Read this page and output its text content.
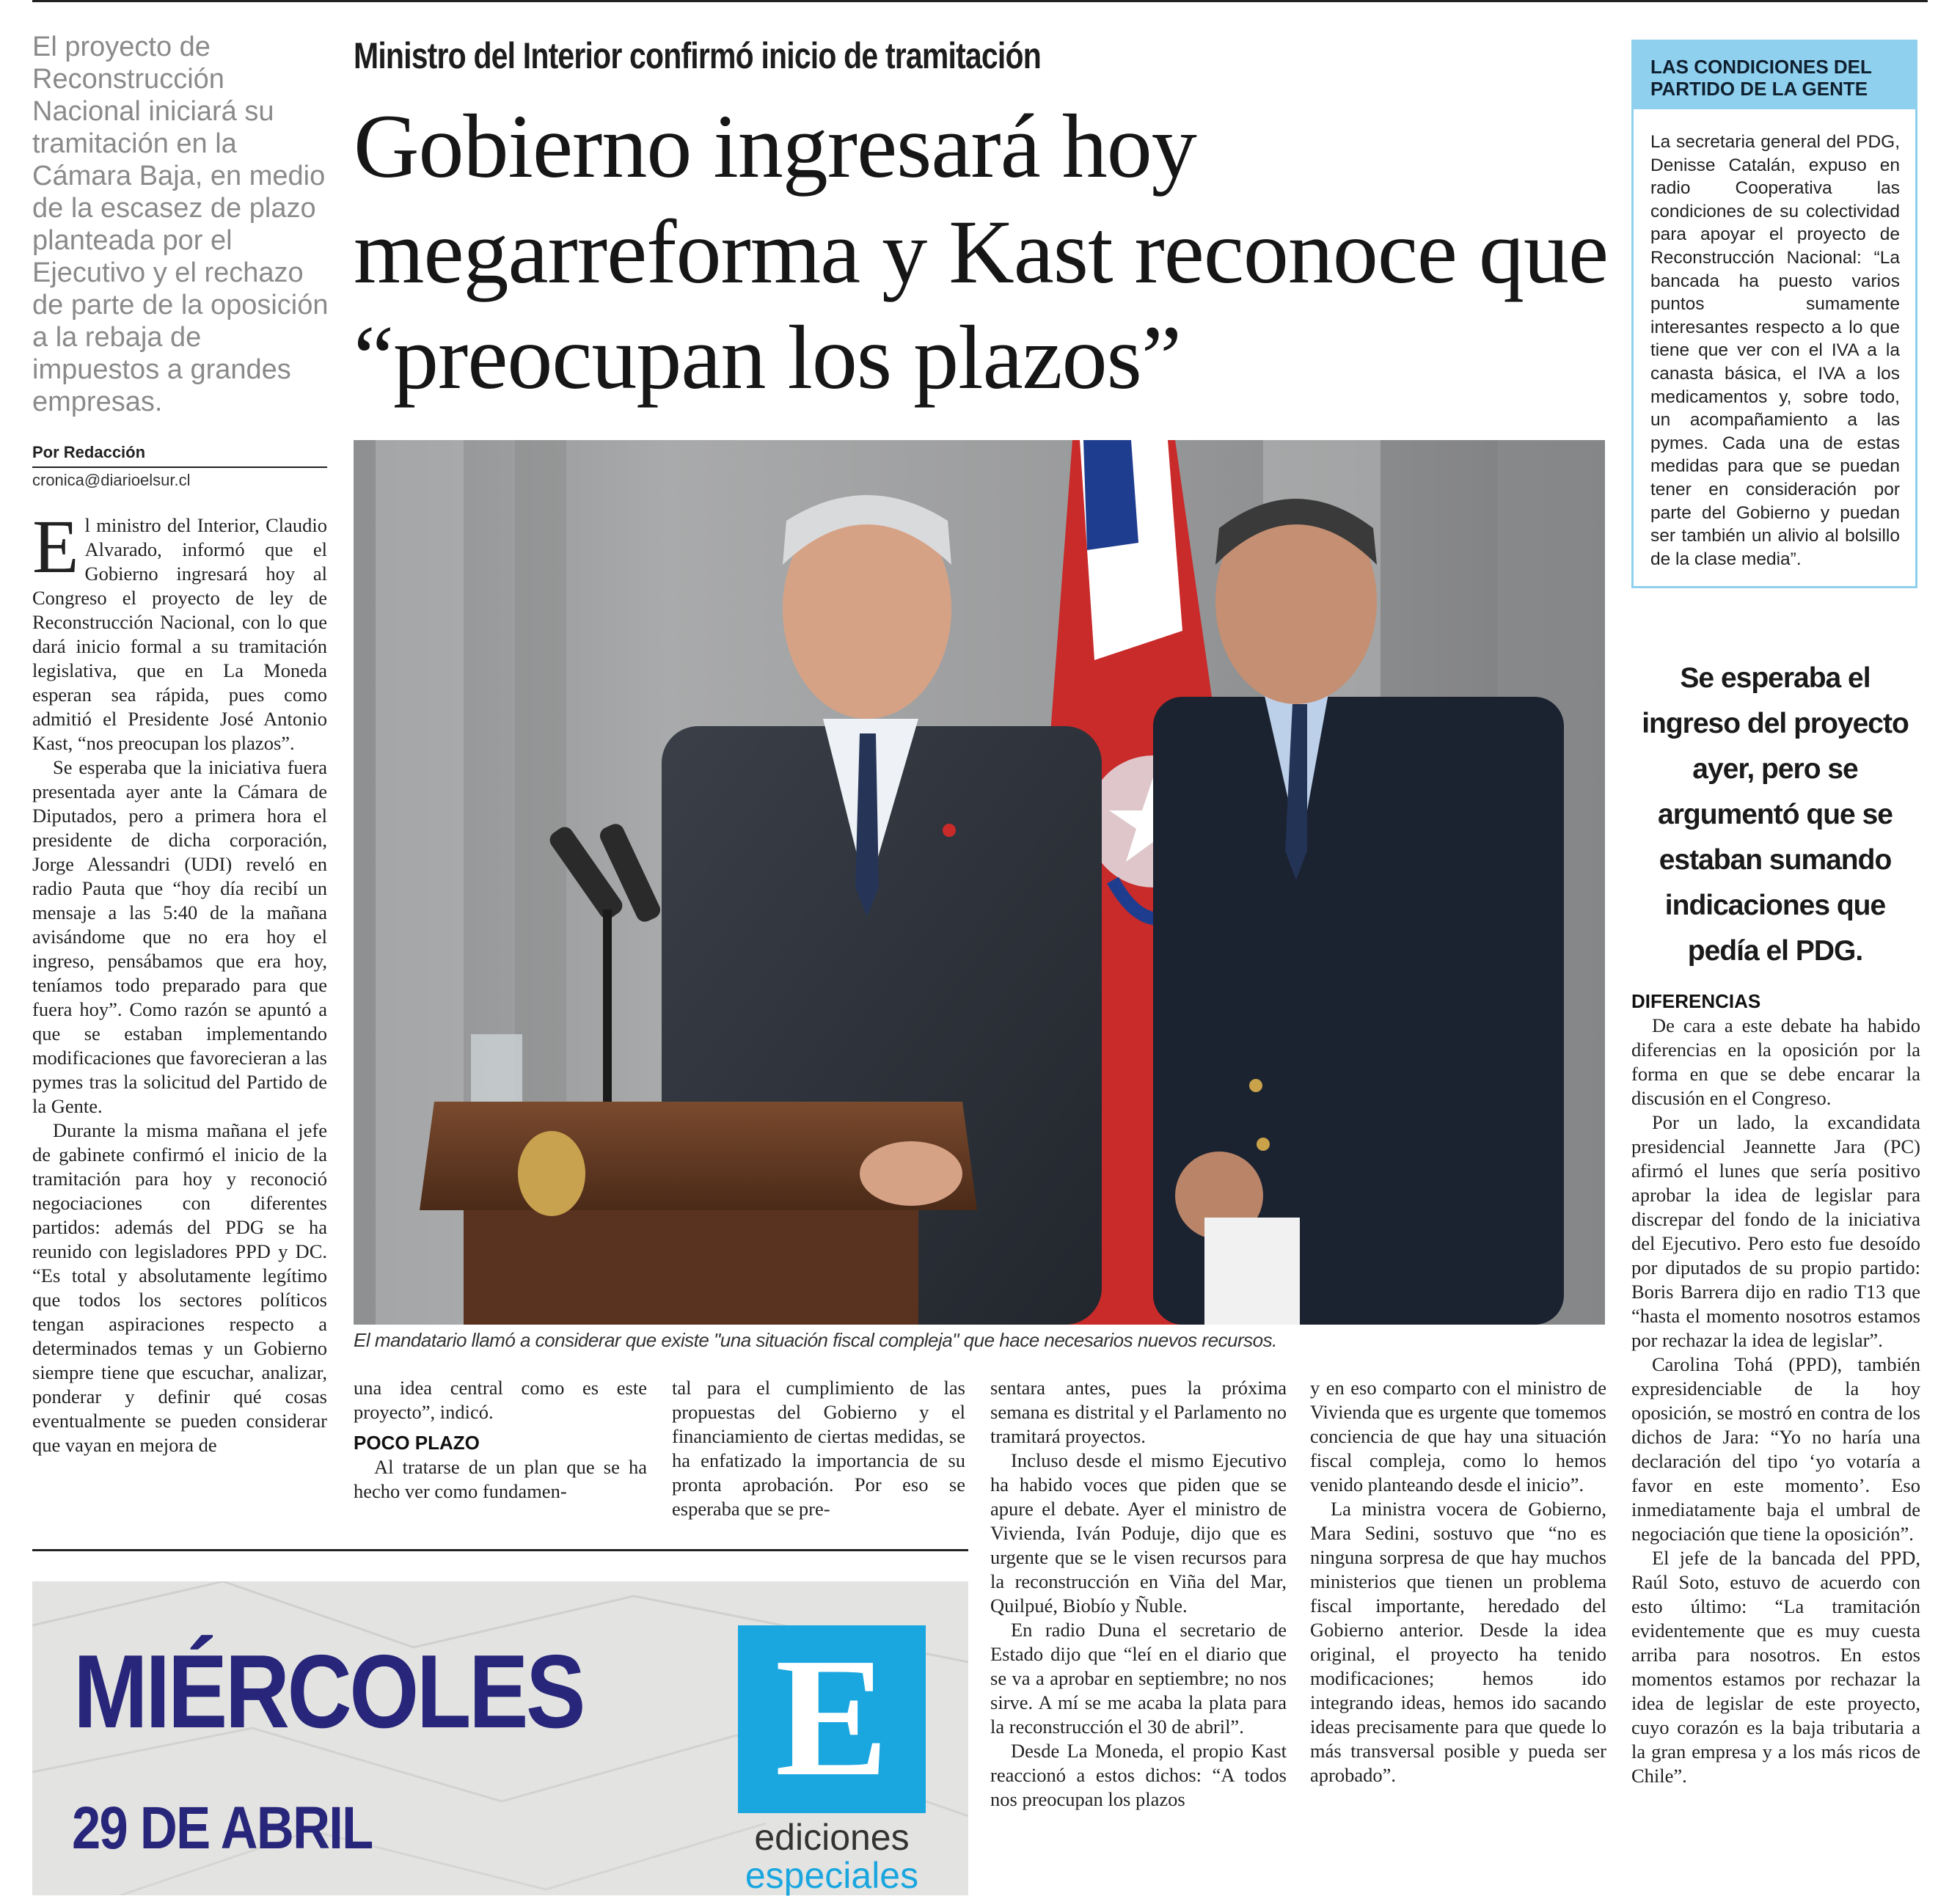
El proyecto de Reconstrucción Nacional iniciará su tramitación en la Cámara Baja, en medio de la escasez de plazo planteada por el Ejecutivo y el rechazo de parte de la oposición a la rebaja de impuestos a grandes empresas.
Por Redacción
cronica@diarioelsur.cl
Ministro del Interior confirmó inicio de tramitación
Gobierno ingresará hoy megarreforma y Kast reconoce que “preocupan los plazos”
El mandatario llamó a considerar que existe "una situación fiscal compleja" que hace necesarios nuevos recursos.

El ministro del Interior, Claudio Alvarado, informó que el Gobierno ingresará hoy al Congreso el proyecto de ley de Reconstrucción Nacional, con lo que dará inicio formal a su tramitación legislativa, que en La Moneda esperan sea rápida, pues como admitió el Presidente José Antonio Kast, “nos preocupan los plazos”.

Se esperaba que la iniciativa fuera presentada ayer ante la Cámara de Diputados, pero a primera hora el presidente de dicha corporación, Jorge Alessandri (UDI) reveló en radio Pauta que “hoy día recibí un mensaje a las 5:40 de la mañana avisándome que no era hoy el ingreso, pensábamos que era hoy, teníamos todo preparado para que fuera hoy”. Como razón se apuntó a que se estaban implementando modificaciones que favorecieran a las pymes tras la solicitud del Partido de la Gente.

Durante la misma mañana el jefe de gabinete confirmó el inicio de la tramitación para hoy y reconoció negociaciones con diferentes partidos: además del PDG se ha reunido con legisladores PPD y DC. “Es total y absolutamente legítimo que todos los sectores políticos tengan aspiraciones respecto a determinados temas y un Gobierno siempre tiene que escuchar, analizar, ponderar y definir qué cosas eventualmente se pueden considerar que vayan en mejora de

una idea central como es este proyecto”, indicó.

POCO PLAZO

Al tratarse de un plan que se ha hecho ver como fundamen-

tal para el cumplimiento de las propuestas del Gobierno y el financiamiento de ciertas medidas, se ha enfatizado la importancia de su pronta aprobación. Por eso se esperaba que se pre-

sentara antes, pues la próxima semana es distrital y el Parlamento no tramitará proyectos.

Incluso desde el mismo Ejecutivo ha habido voces que piden que se apure el debate. Ayer el ministro de Vivienda, Iván Poduje, dijo que es urgente que se le visen recursos para la reconstrucción en Viña del Mar, Quilpué, Biobío y Ñuble.

En radio Duna el secretario de Estado dijo que “leí en el diario que se va a aprobar en septiembre; no nos sirve. A mí se me acaba la plata para la reconstrucción el 30 de abril”.

Desde La Moneda, el propio Kast reaccionó a estos dichos: “A todos nos preocupan los plazos

y en eso comparto con el ministro de Vivienda que es urgente que tomemos conciencia de que hay una situación fiscal compleja, como lo hemos venido planteando desde el inicio”.

La ministra vocera de Gobierno, Mara Sedini, sostuvo que “no es ninguna sorpresa de que hay muchos ministerios que tienen un problema fiscal importante, heredado del Gobierno anterior. Desde la idea original, el proyecto ha tenido modificaciones; hemos ido integrando ideas, hemos ido sacando ideas precisamente para que quede lo más transversal posible y pueda ser aprobado”.

LAS CONDICIONES DEL PARTIDO DE LA GENTE
La secretaria general del PDG, Denisse Catalán, expuso en radio Cooperativa las condiciones de su colectividad para apoyar el proyecto de Reconstrucción Nacional: “La bancada ha puesto varios puntos sumamente interesantes respecto a lo que tiene que ver con el IVA a la canasta básica, el IVA a los medicamentos y, sobre todo, un acompañamiento a las pymes. Cada una de estas medidas para que se puedan tener en consideración por parte del Gobierno y puedan ser también un alivio al bolsillo de la clase media”.
Se esperaba el ingreso del proyecto ayer, pero se argumentó que se estaban sumando indicaciones que pedía el PDG.
DIFERENCIAS

De cara a este debate ha habido diferencias en la oposición por la forma en que se debe encarar la discusión en el Congreso.

Por un lado, la excandidata presidencial Jeannette Jara (PC) afirmó el lunes que sería positivo aprobar la idea de legislar para discrepar del fondo de la iniciativa del Ejecutivo. Pero esto fue desoído por diputados de su propio partido: Boris Barrera dijo en radio T13 que “hasta el momento nosotros estamos por rechazar la idea de legislar”.

Carolina Tohá (PPD), también expresidenciable de la hoy oposición, se mostró en contra de los dichos de Jara: “Yo no haría una declaración del tipo ‘yo votaría a favor en este momento’. Eso inmediatamente baja el umbral de negociación que tiene la oposición”.

El jefe de la bancada del PPD, Raúl Soto, estuvo de acuerdo con esto último: “La tramitación evidentemente que es muy cuesta arriba para nosotros. En estos momentos estamos por rechazar la idea de legislar de este proyecto, cuyo corazón es la baja tributaria a la gran empresa y a los más ricos de Chile”.

MIÉRCOLES
29 DE ABRIL
E
ediciones
especiales
